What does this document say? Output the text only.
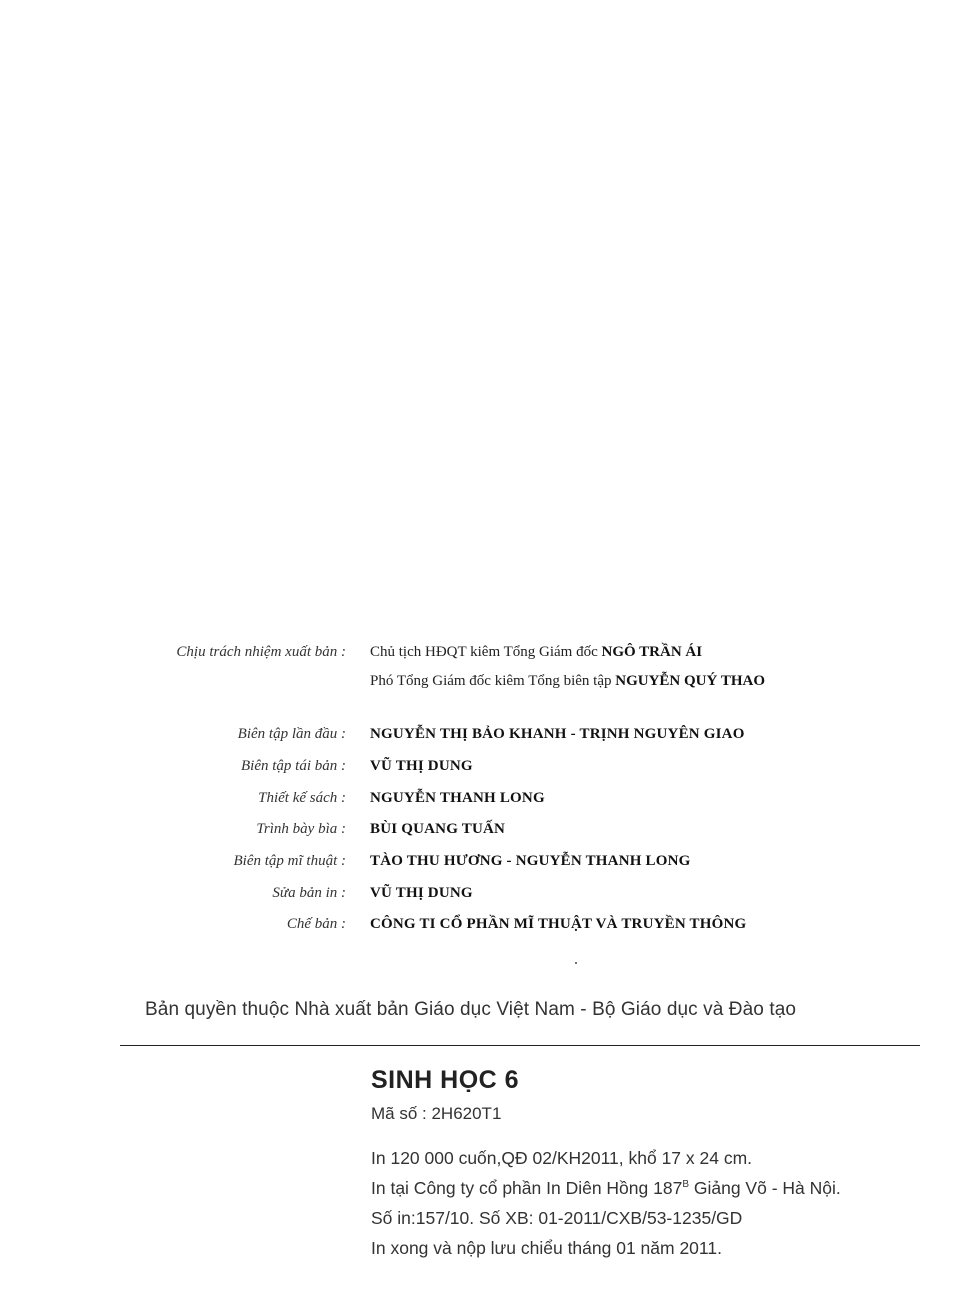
Chịu trách nhiệm xuất bản : Chủ tịch HĐQT kiêm Tổng Giám đốc NGÔ TRẦN ÁI
Phó Tổng Giám đốc kiêm Tổng biên tập NGUYỄN QUÝ THAO
Biên tập lần đầu : NGUYỄN THỊ BẢO KHANH - TRỊNH NGUYÊN GIAO
Biên tập tái bản : VŨ THỊ DUNG
Thiết kế sách : NGUYỄN THANH LONG
Trình bày bìa : BÙI QUANG TUẤN
Biên tập mĩ thuật : TÀO THU HƯƠNG - NGUYỄN THANH LONG
Sửa bản in : VŨ THỊ DUNG
Chế bản : CÔNG TI CỔ PHẦN MĨ THUẬT VÀ TRUYỀN THÔNG
Bản quyền thuộc Nhà xuất bản Giáo dục Việt Nam - Bộ Giáo dục và Đào tạo
SINH HỌC 6
Mã số : 2H620T1
In 120 000 cuốn,QĐ 02/KH2011, khổ 17 x 24 cm.
In tại Công ty cổ phần In Diên Hồng $187^B$ Giảng Võ - Hà Nội.
Số in:157/10. Số XB: 01-2011/CXB/53-1235/GD
In xong và nộp lưu chiểu tháng 01 năm 2011.
